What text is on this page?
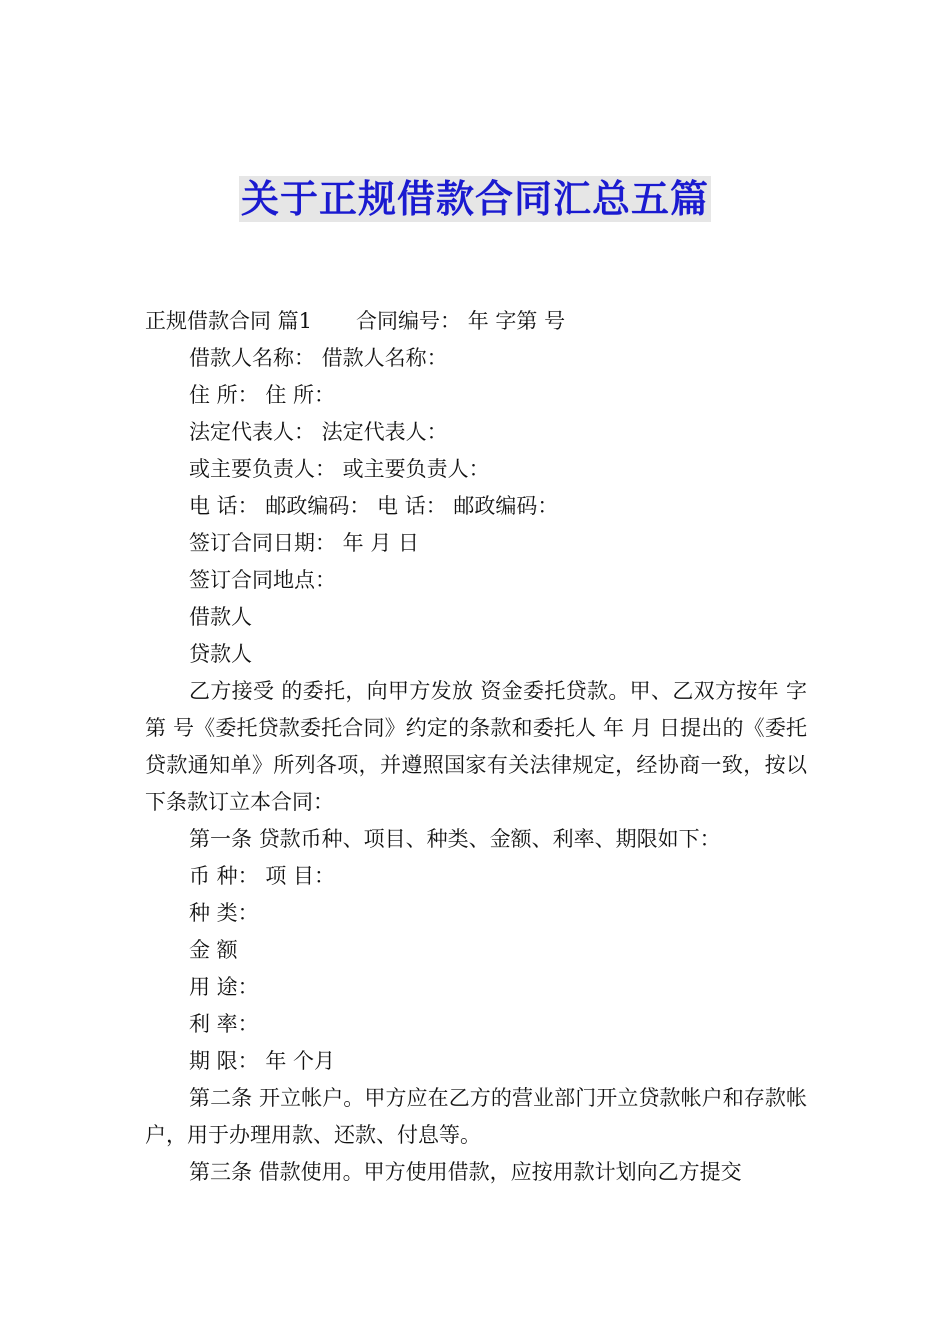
关于正规借款合同汇总五篇
正规借款合同 篇1 合同编号： 年 字第 号
借款人名称： 借款人名称：
住 所： 住 所：
法定代表人： 法定代表人：
或主要负责人： 或主要负责人：
电 话： 邮政编码： 电 话： 邮政编码：
签订合同日期： 年 月 日
签订合同地点：
借款人
贷款人
乙方接受 的委托，向甲方发放 资金委托贷款。甲、乙双方按年 字第 号《委托贷款委托合同》约定的条款和委托人 年 月 日提出的《委托贷款通知单》所列各项，并遵照国家有关法律规定，经协商一致，按以下条款订立本合同：
第一条 贷款币种、项目、种类、金额、利率、期限如下：
币 种： 项 目：
种 类：
金 额
用 途：
利 率：
期 限： 年 个月
第二条 开立帐户。甲方应在乙方的营业部门开立贷款帐户和存款帐户，用于办理用款、还款、付息等。
第三条 借款使用。甲方使用借款，应按用款计划向乙方提交
